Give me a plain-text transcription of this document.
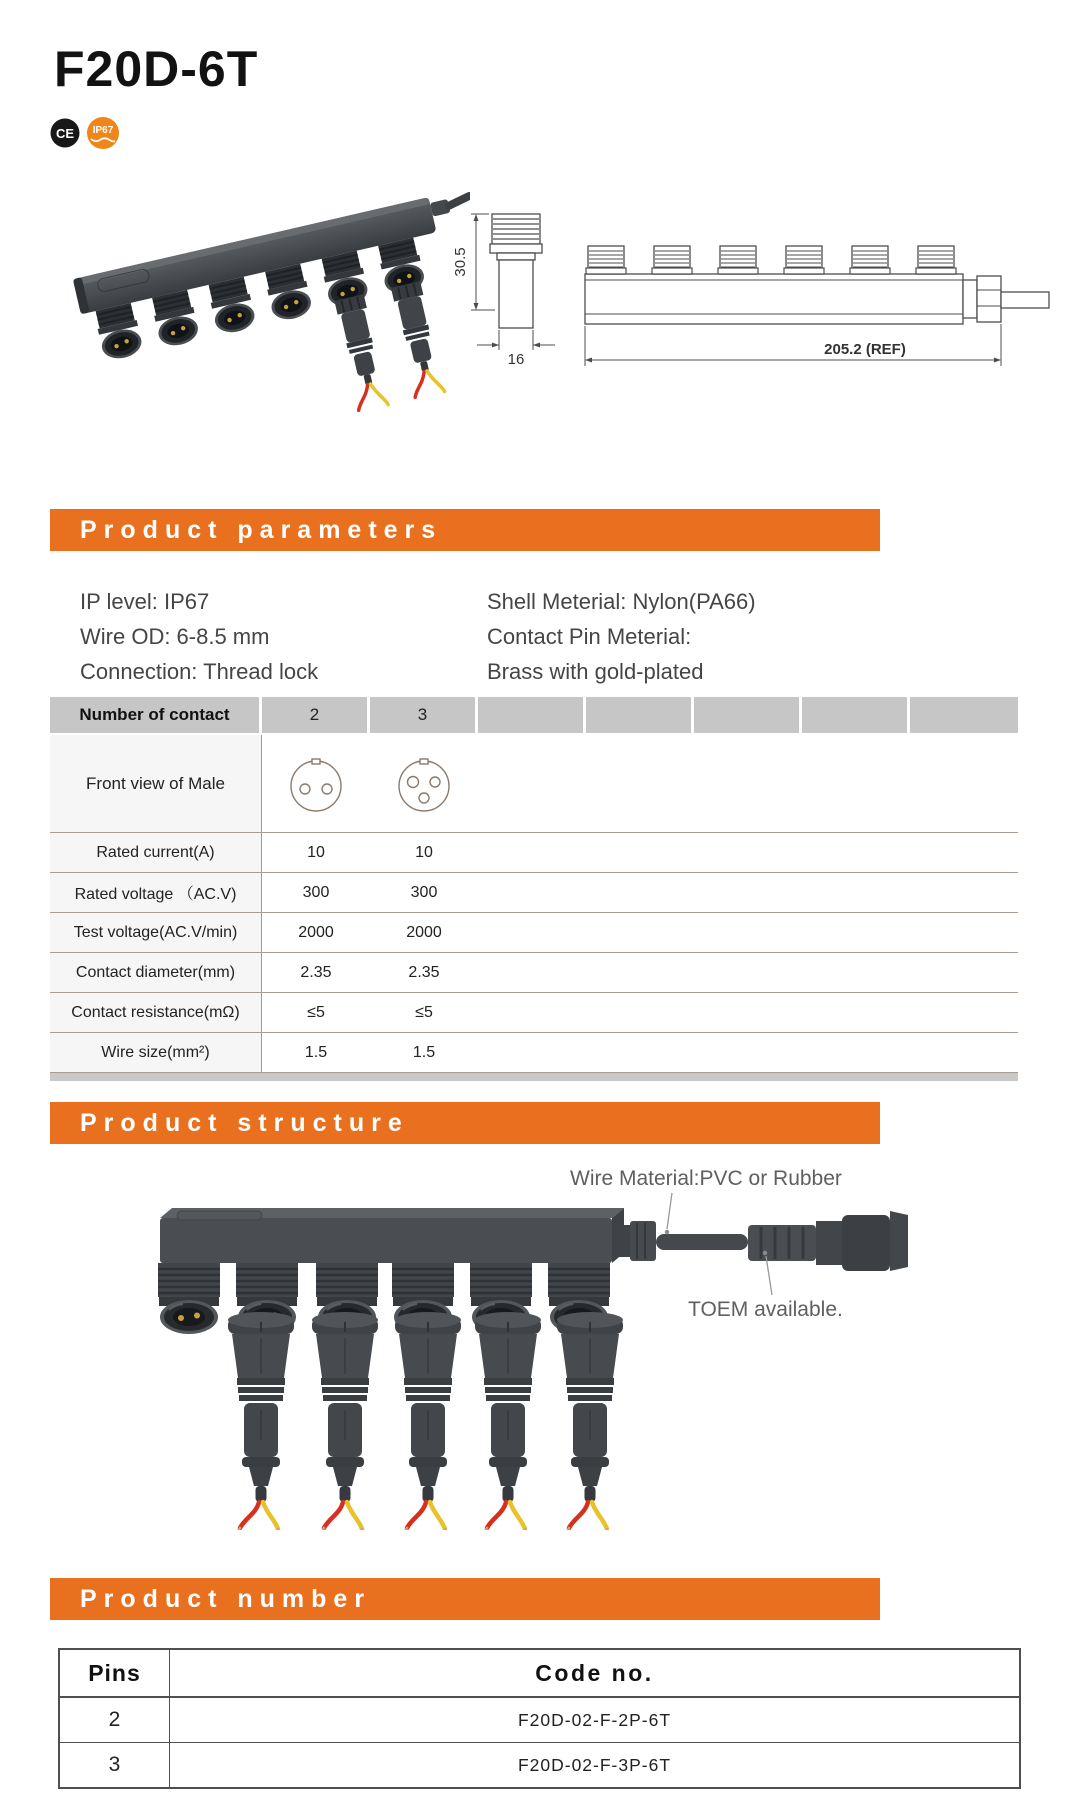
F20D-6T
CE IP67
30.5
16
205.2 (REF)
Product parameters
IP level: IP67
Wire OD: 6-8.5 mm
Connection: Thread lock
Shell Meterial: Nylon(PA66)
Contact Pin Meterial:
Brass with gold-plated
Number of contact	2	3
Front view of Male
Rated current(A)	10	10
Rated voltage （AC.V)	300	300
Test voltage(AC.V/min)	2000	2000
Contact diameter(mm)	2.35	2.35
Contact resistance(mΩ)	≤5	≤5
Wire size(mm²)	1.5	1.5
Product structure
Wire Material:PVC or Rubber
TOEM available.
Product number
Pins	Code no.
2	F20D-02-F-2P-6T
3	F20D-02-F-3P-6T
